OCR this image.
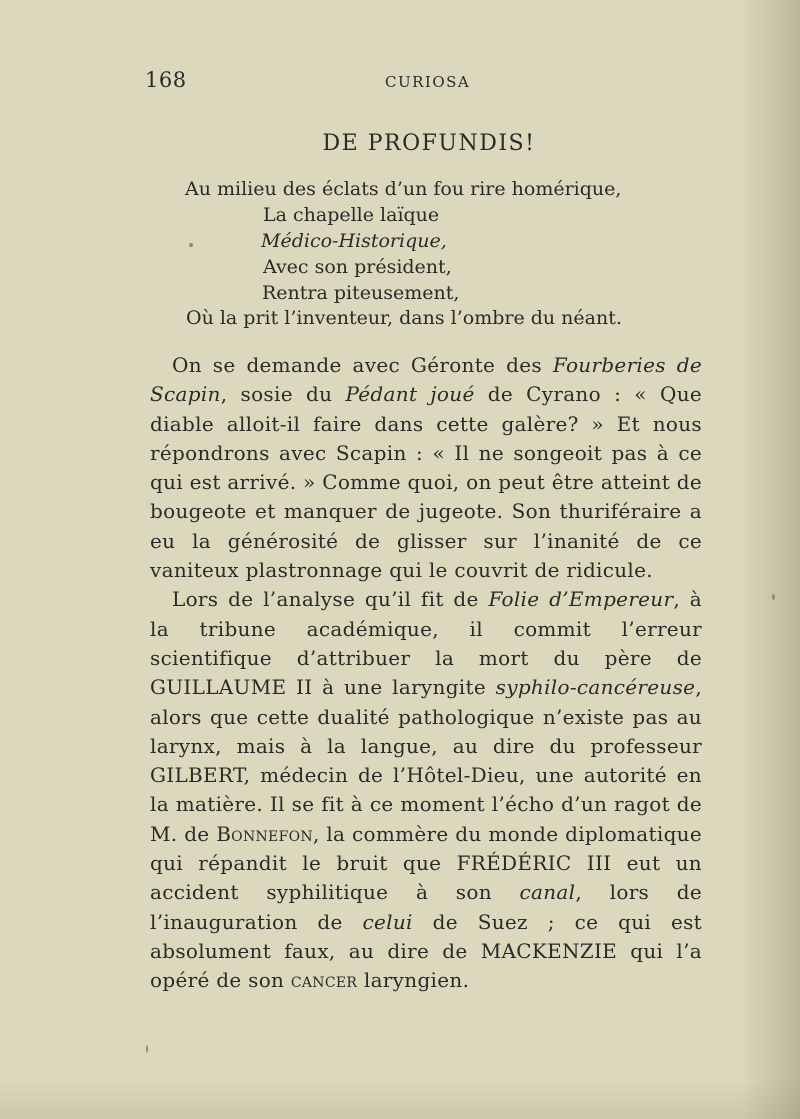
168	CURIOSA
DE PROFUNDIS!
Au milieu des éclats d’un fou rire homérique,
La chapelle laïque
Médico-Historique,
Avec son président,
Rentra piteusement,
Où la prit l’inventeur, dans l’ombre du néant.

On se demande avec Géronte des Fourberies de Scapin, sosie du Pédant joué de Cyrano : « Que diable alloit-il faire dans cette galère? » Et nous répondrons avec Scapin : « Il ne songeoit pas à ce qui est arrivé. » Comme quoi, on peut être atteint de bougeote et manquer de jugeote. Son thuriféraire a eu la générosité de glisser sur l’inanité de ce vaniteux plastronnage qui le couvrit de ridicule.

Lors de l’analyse qu’il fit de Folie d’Empereur, à la tribune académique, il commit l’erreur scientifique d’attribuer la mort du père de GUILLAUME II à une laryngite syphilo-cancéreuse, alors que cette dualité pathologique n’existe pas au larynx, mais à la langue, au dire du professeur GILBERT, médecin de l’Hôtel-Dieu, une autorité en la matière. Il se fit à ce moment l’écho d’un ragot de M. de Bonnefon, la commère du monde diplomatique qui répandit le bruit que FRÉDÉRIC III eut un accident syphilitique à son canal, lors de l’inauguration de celui de Suez ; ce qui est absolument faux, au dire de MACKENZIE qui l’a opéré de son cancer laryngien.
